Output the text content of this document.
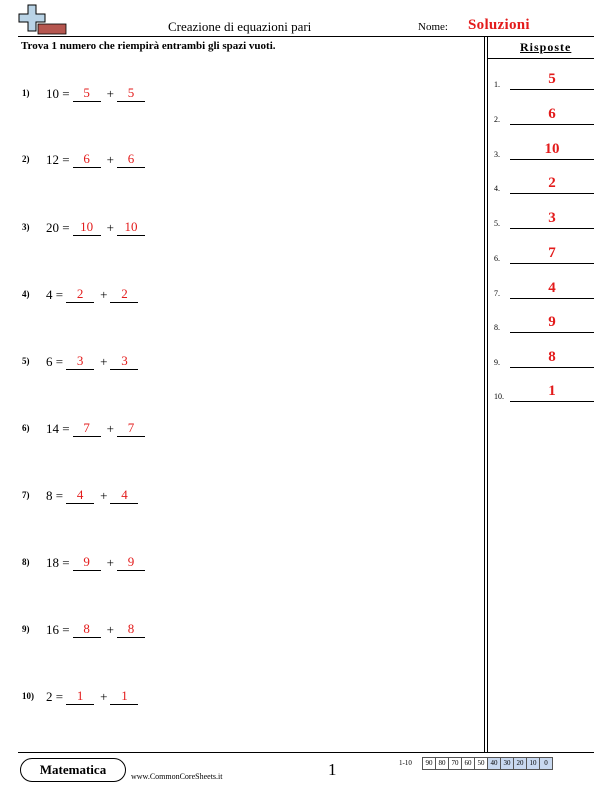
Creazione di equazioni pari	Nome: Soluzioni
Trova 1 numero che riempirà entrambi gli spazi vuoti.
1) 10 =	5	+	5
2) 12 =	6	+	6
3) 20 = 10	+ 10
4) 4 =	2	+	2
5) 6 =	3	+	3
6) 14 =	7	+	7
7) 8 =	4	+	4
8) 18 =	9	+	9
9) 16 =	8	+	8
10) 2 =	1	+	1
Risposte
1.	5
2.	6
3.	10
4.	2
5.	3
6.	7
7.	4
8.	9
9.	8
10.	1
Matematica	www.CommonCoreSheets.it	1	1-10	90 80 70 60 50 40 30 20 10	0
